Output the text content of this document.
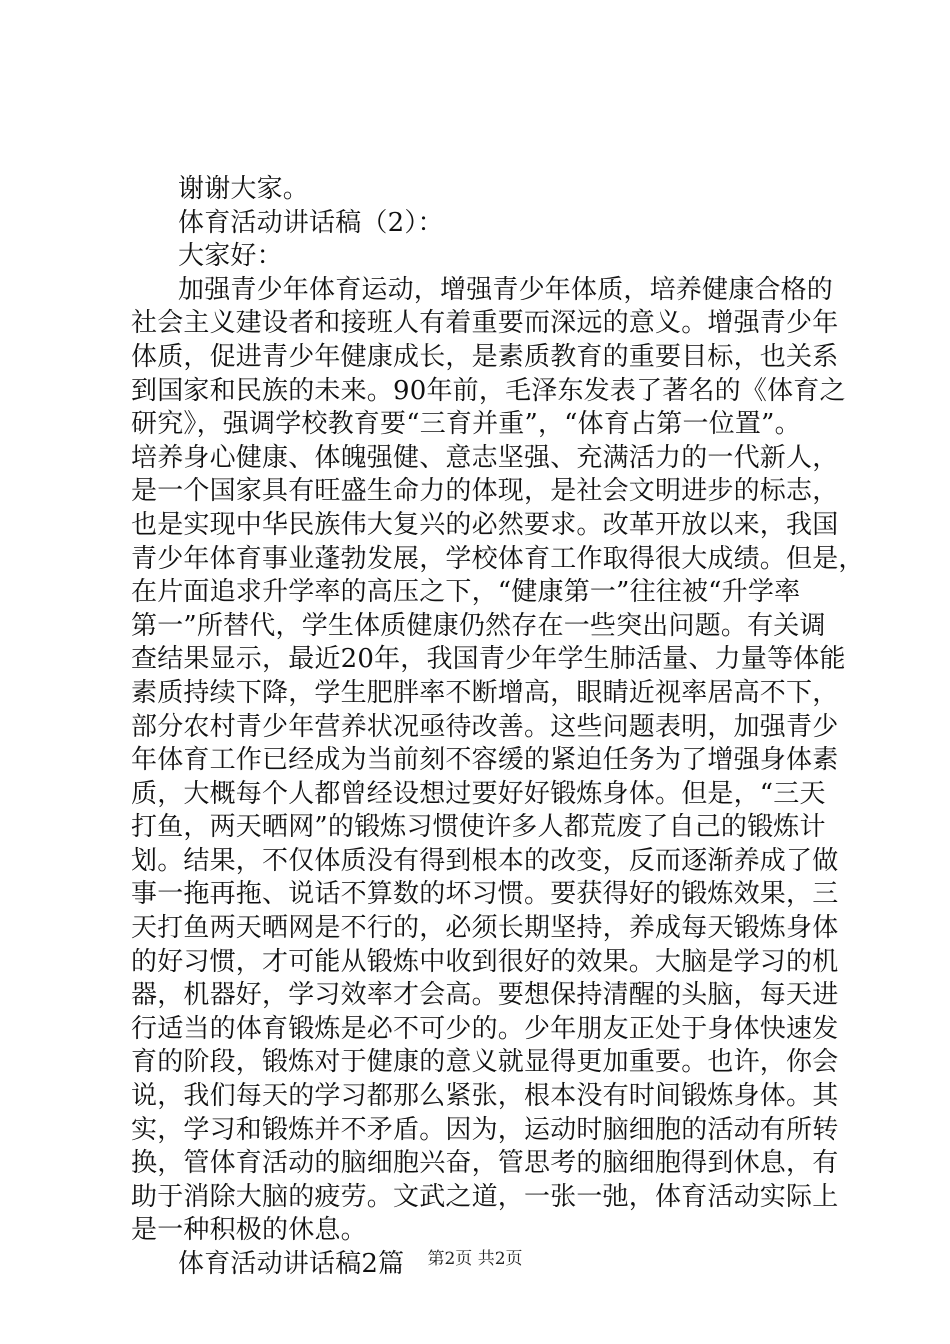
谢谢大家。
体育活动讲话稿（2）：
大家好：
加强青少年体育运动，增强青少年体质，培养健康合格的
社会主义建设者和接班人有着重要而深远的意义。增强青少年
体质，促进青少年健康成长，是素质教育的重要目标，也关系
到国家和民族的未来。90年前，毛泽东发表了著名的《体育之
研究》，强调学校教育要“三育并重”，“体育占第一位置”。
培养身心健康、体魄强健、意志坚强、充满活力的一代新人，
是一个国家具有旺盛生命力的体现，是社会文明进步的标志，
也是实现中华民族伟大复兴的必然要求。改革开放以来，我国
青少年体育事业蓬勃发展，学校体育工作取得很大成绩。但是，
在片面追求升学率的高压之下，“健康第一”往往被“升学率
第一”所替代，学生体质健康仍然存在一些突出问题。有关调
查结果显示，最近20年，我国青少年学生肺活量、力量等体能
素质持续下降，学生肥胖率不断增高，眼睛近视率居高不下，
部分农村青少年营养状况亟待改善。这些问题表明，加强青少
年体育工作已经成为当前刻不容缓的紧迫任务为了增强身体素
质，大概每个人都曾经设想过要好好锻炼身体。但是，“三天
打鱼，两天晒网”的锻炼习惯使许多人都荒废了自己的锻炼计
划。结果，不仅体质没有得到根本的改变，反而逐渐养成了做
事一拖再拖、说话不算数的坏习惯。要获得好的锻炼效果，三
天打鱼两天晒网是不行的，必须长期坚持，养成每天锻炼身体
的好习惯，才可能从锻炼中收到很好的效果。大脑是学习的机
器，机器好，学习效率才会高。要想保持清醒的头脑，每天进
行适当的体育锻炼是必不可少的。少年朋友正处于身体快速发
育的阶段，锻炼对于健康的意义就显得更加重要。也许，你会
说，我们每天的学习都那么紧张，根本没有时间锻炼身体。其
实，学习和锻炼并不矛盾。因为，运动时脑细胞的活动有所转
换，管体育活动的脑细胞兴奋，管思考的脑细胞得到休息，有
助于消除大脑的疲劳。文武之道，一张一弛，体育活动实际上
是一种积极的休息。
体育活动讲话稿2篇	第2页 共2页
